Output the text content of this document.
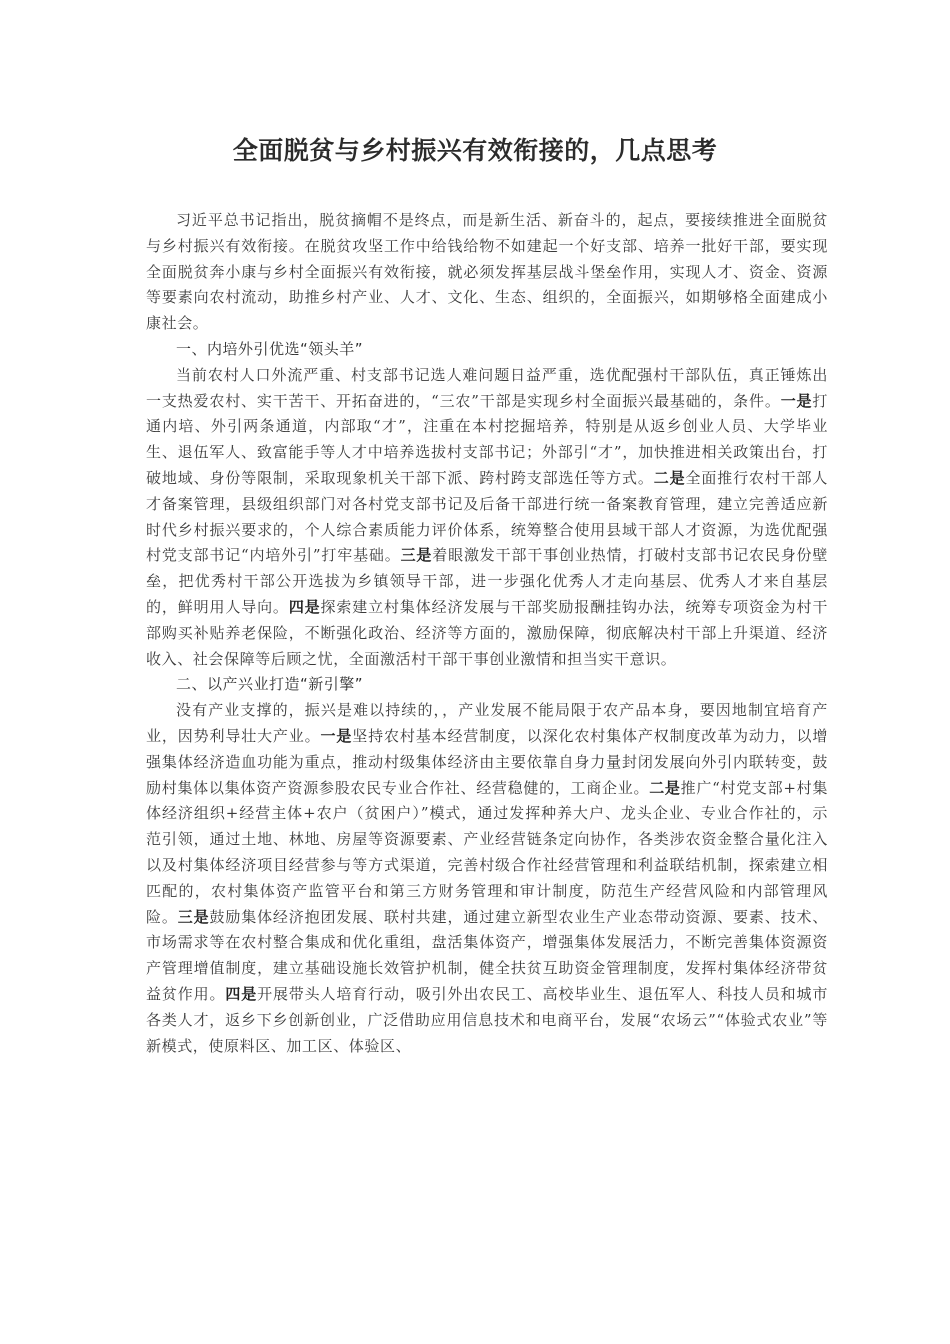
全面脱贫与乡村振兴有效衔接的，几点思考

习近平总书记指出，脱贫摘帽不是终点，而是新生活、新奋斗的，起点，要接续推进全面脱贫与乡村振兴有效衔接。在脱贫攻坚工作中给钱给物不如建起一个好支部、培养一批好干部，要实现全面脱贫奔小康与乡村全面振兴有效衔接，就必须发挥基层战斗堡垒作用，实现人才、资金、资源等要素向农村流动，助推乡村产业、人才、文化、生态、组织的，全面振兴，如期够格全面建成小康社会。

一、内培外引优选“领头羊”

当前农村人口外流严重、村支部书记选人难问题日益严重，选优配强村干部队伍，真正锤炼出一支热爱农村、实干苦干、开拓奋进的，“三农”干部是实现乡村全面振兴最基础的，条件。一是打通内培、外引两条通道，内部取“才”，注重在本村挖掘培养，特别是从返乡创业人员、大学毕业生、退伍军人、致富能手等人才中培养选拔村支部书记；外部引“才”，加快推进相关政策出台，打破地域、身份等限制，采取现象机关干部下派、跨村跨支部选任等方式。二是全面推行农村干部人才备案管理，县级组织部门对各村党支部书记及后备干部进行统一备案教育管理，建立完善适应新时代乡村振兴要求的，个人综合素质能力评价体系，统筹整合使用县域干部人才资源，为选优配强村党支部书记“内培外引”打牢基础。三是着眼激发干部干事创业热情，打破村支部书记农民身份壁垒，把优秀村干部公开选拔为乡镇领导干部，进一步强化优秀人才走向基层、优秀人才来自基层的，鲜明用人导向。四是探索建立村集体经济发展与干部奖励报酬挂钩办法，统筹专项资金为村干部购买补贴养老保险，不断强化政治、经济等方面的，激励保障，彻底解决村干部上升渠道、经济收入、社会保障等后顾之忧，全面激活村干部干事创业激情和担当实干意识。

二、以产兴业打造“新引擎”

没有产业支撑的，振兴是难以持续的，，产业发展不能局限于农产品本身，要因地制宜培育产业，因势利导壮大产业。一是坚持农村基本经营制度，以深化农村集体产权制度改革为动力，以增强集体经济造血功能为重点，推动村级集体经济由主要依靠自身力量封闭发展向外引内联转变，鼓励村集体以集体资产资源参股农民专业合作社、经营稳健的，工商企业。二是推广“村党支部+村集体经济组织+经营主体+农户（贫困户）”模式，通过发挥种养大户、龙头企业、专业合作社的，示范引领，通过土地、林地、房屋等资源要素、产业经营链条定向协作，各类涉农资金整合量化注入以及村集体经济项目经营参与等方式渠道，完善村级合作社经营管理和利益联结机制，探索建立相匹配的，农村集体资产监管平台和第三方财务管理和审计制度，防范生产经营风险和内部管理风险。三是鼓励集体经济抱团发展、联村共建，通过建立新型农业生产业态带动资源、要素、技术、市场需求等在农村整合集成和优化重组，盘活集体资产，增强集体发展活力，不断完善集体资源资产管理增值制度，建立基础设施长效管护机制，健全扶贫互助资金管理制度，发挥村集体经济带贫益贫作用。四是开展带头人培育行动，吸引外出农民工、高校毕业生、退伍军人、科技人员和城市各类人才，返乡下乡创新创业，广泛借助应用信息技术和电商平台，发展“农场云”“体验式农业”等新模式，使原料区、加工区、体验区、
